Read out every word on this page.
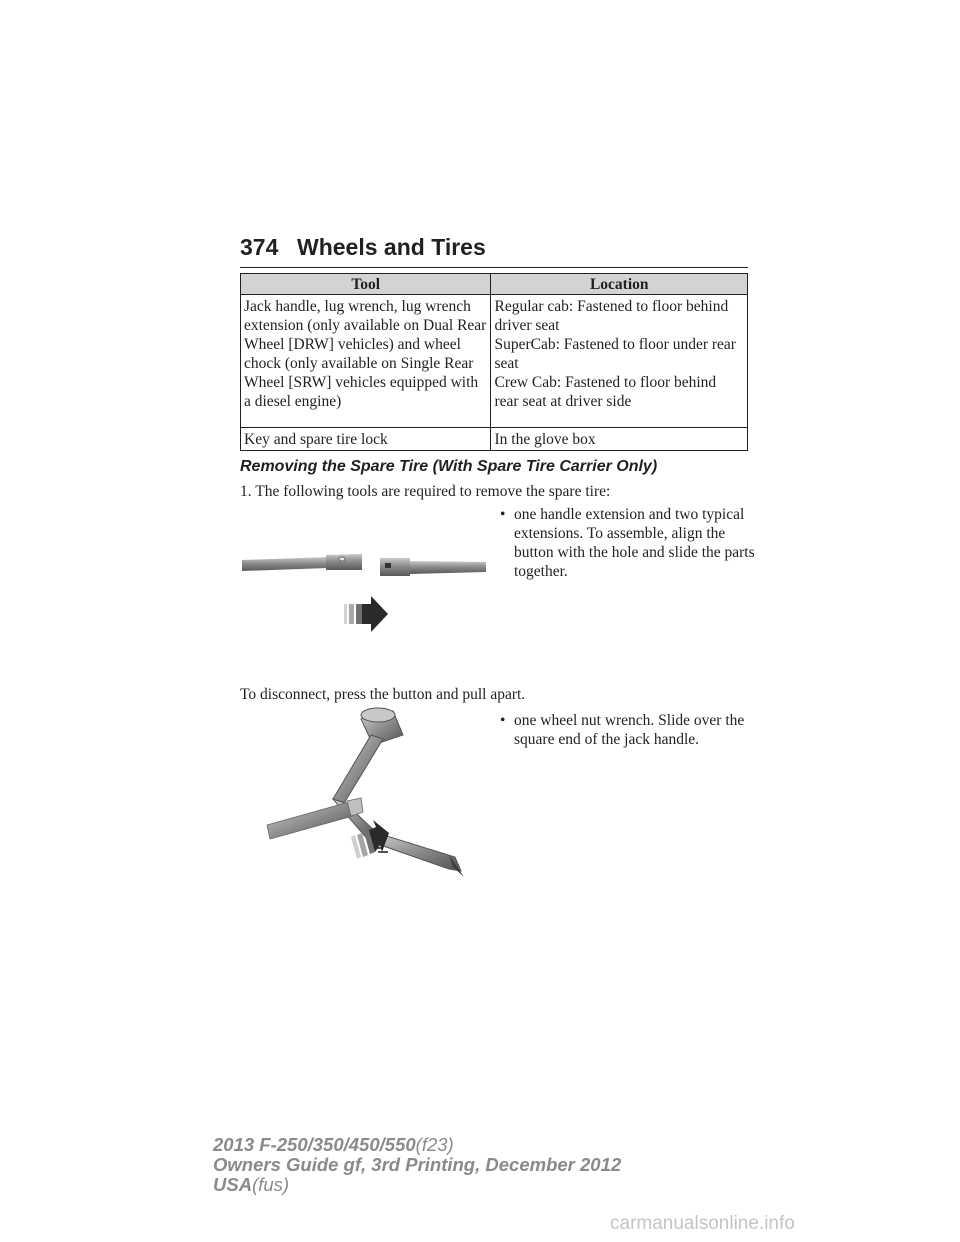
374 Wheels and Tires
Tool	Location
Jack handle, lug wrench, lug wrench extension (only available on Dual Rear Wheel [DRW] vehicles) and wheel chock (only available on Single Rear Wheel [SRW] vehicles equipped with a diesel engine)	Regular cab: Fastened to floor behind driver seat
SuperCab: Fastened to floor under rear seat
Crew Cab: Fastened to floor behind rear seat at driver side

Key and spare tire lock	In the glove box
Removing the Spare Tire (With Spare Tire Carrier Only)
1. The following tools are required to remove the spare tire:
• one handle extension and two typical extensions. To assemble, align the button with the hole and slide the parts together.
To disconnect, press the button and pull apart.
• one wheel nut wrench. Slide over the square end of the jack handle.
2013 F-250/350/450/550(f23)
Owners Guide gf, 3rd Printing, December 2012
USA(fus)
carmanualsonline.info
